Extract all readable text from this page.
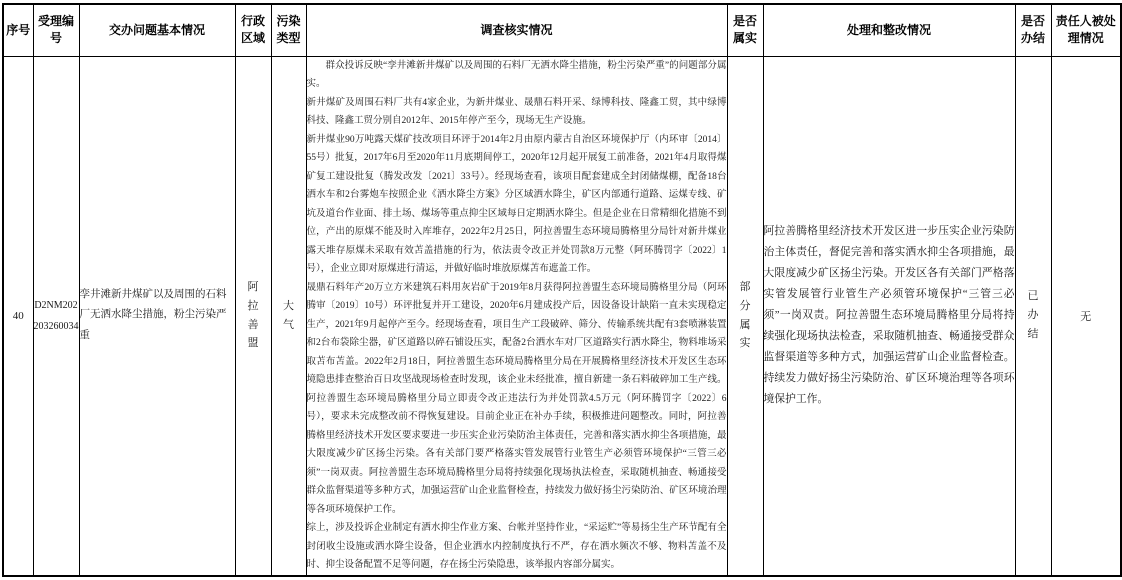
序号	受理编号	交办问题基本情况	行政区域	污染类型	调查核实情况	是否属实	处理和整改情况	是否办结	责任人被处理情况
40	D2NM202203260034	孪井滩新井煤矿以及周围的石料厂无洒水降尘措施，粉尘污染严重	阿拉善盟	大气	群众投诉反映“孪井滩新井煤矿以及周围的石料厂无洒水降尘措施，粉尘污染严重”的问题部分属实。

新井煤矿及周围石料厂共有4家企业，为新井煤业、晟鼎石料开采、绿博科技、隆鑫工贸，其中绿博科技、隆鑫工贸分别自2012年、2015年停产至今，现场无生产设施。

新井煤业90万吨露天煤矿技改项目环评于2014年2月由原内蒙古自治区环境保护厅（内环审〔2014〕55号）批复，2017年6月至2020年11月底期间停工，2020年12月起开展复工前准备，2021年4月取得煤矿复工建设批复（腾发改发〔2021〕33号）。经现场查看，该项目配套建成全封闭储煤棚，配备18台洒水车和2台雾炮车按照企业《洒水降尘方案》分区域洒水降尘，矿区内部通行道路、运煤专线、矿坑及道台作业面、排土场、煤场等重点抑尘区域每日定期洒水降尘。但是企业在日常精细化措施不到位，产出的原煤不能及时入库堆存，2022年2月25日，阿拉善盟生态环境局腾格里分局针对新井煤业露天堆存原煤未采取有效苫盖措施的行为，依法责令改正并处罚款8万元整（阿环腾罚字〔2022〕1号），企业立即对原煤进行清运，并做好临时堆放原煤苫布遮盖工作。

晟鼎石料年产20万立方米建筑石料用灰岩矿于2019年8月获得阿拉善盟生态环境局腾格里分局（阿环腾审〔2019〕10号）环评批复并开工建设，2020年6月建成投产后，因设备设计缺陷一直未实现稳定生产，2021年9月起停产至今。经现场查看，项目生产工段破碎、筛分、传输系统共配有3套喷淋装置和2台布袋除尘器，矿区道路以碎石铺设压实，配备2台洒水车对厂区道路实行洒水降尘，物料堆场采取苫布苫盖。2022年2月18日，阿拉善盟生态环境局腾格里分局在开展腾格里经济技术开发区生态环境隐患排查整治百日攻坚战现场检查时发现，该企业未经批准，擅自新建一条石料破碎加工生产线。阿拉善盟生态环境局腾格里分局立即责令改正违法行为并处罚款4.5万元（阿环腾罚字〔2022〕6号），要求未完成整改前不得恢复建设。目前企业正在补办手续，积极推进问题整改。同时，阿拉善腾格里经济技术开发区要求要进一步压实企业污染防治主体责任，完善和落实洒水抑尘各项措施，最大限度减少矿区扬尘污染。各有关部门要严格落实管发展管行业管生产必须管环境保护“三管三必须”一岗双责。阿拉善盟生态环境局腾格里分局将持续强化现场执法检查，采取随机抽查、畅通接受群众监督渠道等多种方式，加强运营矿山企业监督检查，持续发力做好扬尘污染防治、矿区环境治理等各项环境保护工作。

综上，涉及投诉企业制定有洒水抑尘作业方案、台帐并坚持作业，“采运贮”等易扬尘生产环节配有全封闭收尘设施或洒水降尘设备，但企业洒水内控制度执行不严，存在洒水频次不够、物料苫盖不及时、抑尘设备配置不足等问题，存在扬尘污染隐患，该举报内容部分属实。	部分属实	阿拉善腾格里经济技术开发区进一步压实企业污染防治主体责任，督促完善和落实洒水抑尘各项措施，最大限度减少矿区扬尘污染。开发区各有关部门严格落实管发展管行业管生产必须管环境保护“三管三必须”一岗双责。阿拉善盟生态环境局腾格里分局将持续强化现场执法检查，采取随机抽查、畅通接受群众监督渠道等多种方式，加强运营矿山企业监督检查。持续发力做好扬尘污染防治、矿区环境治理等各项环境保护工作。	已办结	无
